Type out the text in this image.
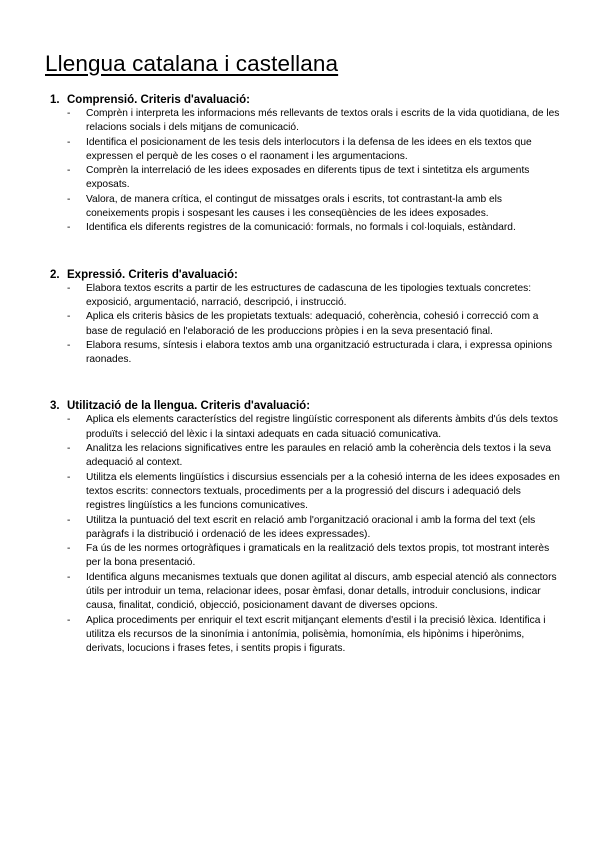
Llengua catalana i castellana
1. Comprensió. Criteris d'avaluació:
- Comprèn i interpreta les informacions més rellevants de textos orals i escrits de la vida quotidiana, de les relacions socials i dels mitjans de comunicació.
- Identifica el posicionament de les tesis dels interlocutors i la defensa de les idees en els textos que expressen el perquè de les coses o el raonament i les argumentacions.
- Comprèn la interrelació de les idees exposades en diferents tipus de text i sintetitza els arguments exposats.
- Valora, de manera crítica, el contingut de missatges orals i escrits, tot contrastant-la amb els coneixements propis i sospesant les causes i les conseqüències de les idees exposades.
- Identifica els diferents registres de la comunicació: formals, no formals i col·loquials, estàndard.
2. Expressió. Criteris d'avaluació:
- Elabora textos escrits a partir de les estructures de cadascuna de les tipologies textuals concretes: exposició, argumentació, narració, descripció, i instrucció.
- Aplica els criteris bàsics de les propietats textuals: adequació, coherència, cohesió i correcció com a base de regulació en l'elaboració de les produccions pròpies i en la seva presentació final.
- Elabora resums, síntesis i elabora textos amb una organització estructurada i clara, i expressa opinions raonades.
3. Utilització de la llengua. Criteris d'avaluació:
- Aplica els elements característics del registre lingüístic corresponent als diferents àmbits d'ús dels textos produïts i selecció del lèxic i la sintaxi adequats en cada situació comunicativa.
- Analitza les relacions significatives entre les paraules en relació amb la coherència dels textos i la seva adequació al context.
- Utilitza els elements lingüístics i discursius essencials per a la cohesió interna de les idees exposades en textos escrits: connectors textuals, procediments per a la progressió del discurs i adequació dels registres lingüístics a les funcions comunicatives.
- Utilitza la puntuació del text escrit en relació amb l'organització oracional i amb la forma del text (els paràgrafs i la distribució i ordenació de les idees expressades).
- Fa ús de les normes ortogràfiques i gramaticals en la realització dels textos propis, tot mostrant interès per la bona presentació.
- Identifica alguns mecanismes textuals que donen agilitat al discurs, amb especial atenció als connectors útils per introduir un tema, relacionar idees, posar èmfasi, donar detalls, introduir conclusions, indicar causa, finalitat, condició, objecció, posicionament davant de diverses opcions.
- Aplica procediments per enriquir el text escrit mitjançant elements d'estil i la precisió lèxica. Identifica i utilitza els recursos de la sinonímia i antonímia, polisèmia, homonímia, els hipònims i hiperònims, derivats, locucions i frases fetes, i sentits propis i figurats.
